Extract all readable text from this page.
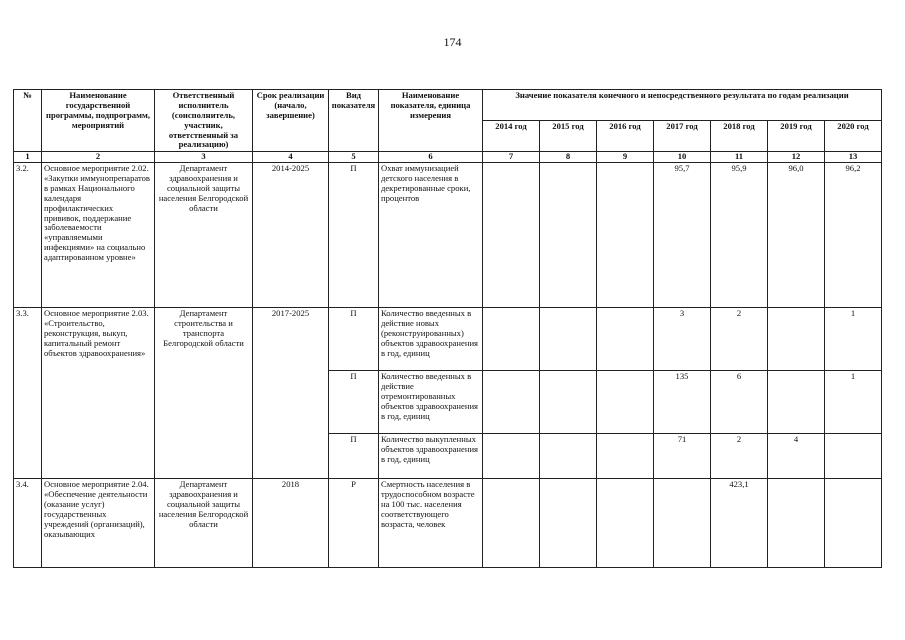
174
№	Наименование государственной программы, подпрограмм, мероприятий	Ответственный исполнитель (соисполнитель, участник, ответственный за реализацию)	Срок реализации (начало, завершение)	Вид показателя	Наименование показателя, единица измерения	Значение показателя конечного и непосредственного результата по годам реализации						
						2014 год	2015 год	2016 год	2017 год	2018 год	2019 год	2020 год
1	2	3	4	5	6	7	8	9	10	11	12	13
3.2.	Основное мероприятие 2.02. «Закупки иммунопрепаратов в рамках Национального календаря профилактических прививок, поддержание заболеваемости «управляемыми инфекциями» на социально адаптированном уровне»	Департамент здравоохранения и социальной защиты населения Белгородской области	2014-2025	П	Охват иммунизацией детского населения в декретированные сроки, процентов				95,7	95,9	96,0	96,2
3.3.	Основное мероприятие 2.03. «Строительство, реконструкция, выкуп, капитальный ремонт объектов здравоохранения»	Департамент строительства и транспорта Белгородской области	2017-2025	П	Количество введенных в действие новых (реконструированных) объектов здравоохранения в год, единиц				3	2		1
				П	Количество введенных в действие отремонтированных объектов здравоохранения в год, единиц				135	6		1
				П	Количество выкупленных объектов здравоохранения в год, единиц				71	2	4	
3.4.	Основное мероприятие 2.04. «Обеспечение деятельности (оказание услуг) государственных учреждений (организаций), оказывающих	Департамент здравоохранения и социальной защиты населения Белгородской области	2018	Р	Смертность населения в трудоспособном возрасте на 100 тыс. населения соответствующего возраста, человек					423,1		
